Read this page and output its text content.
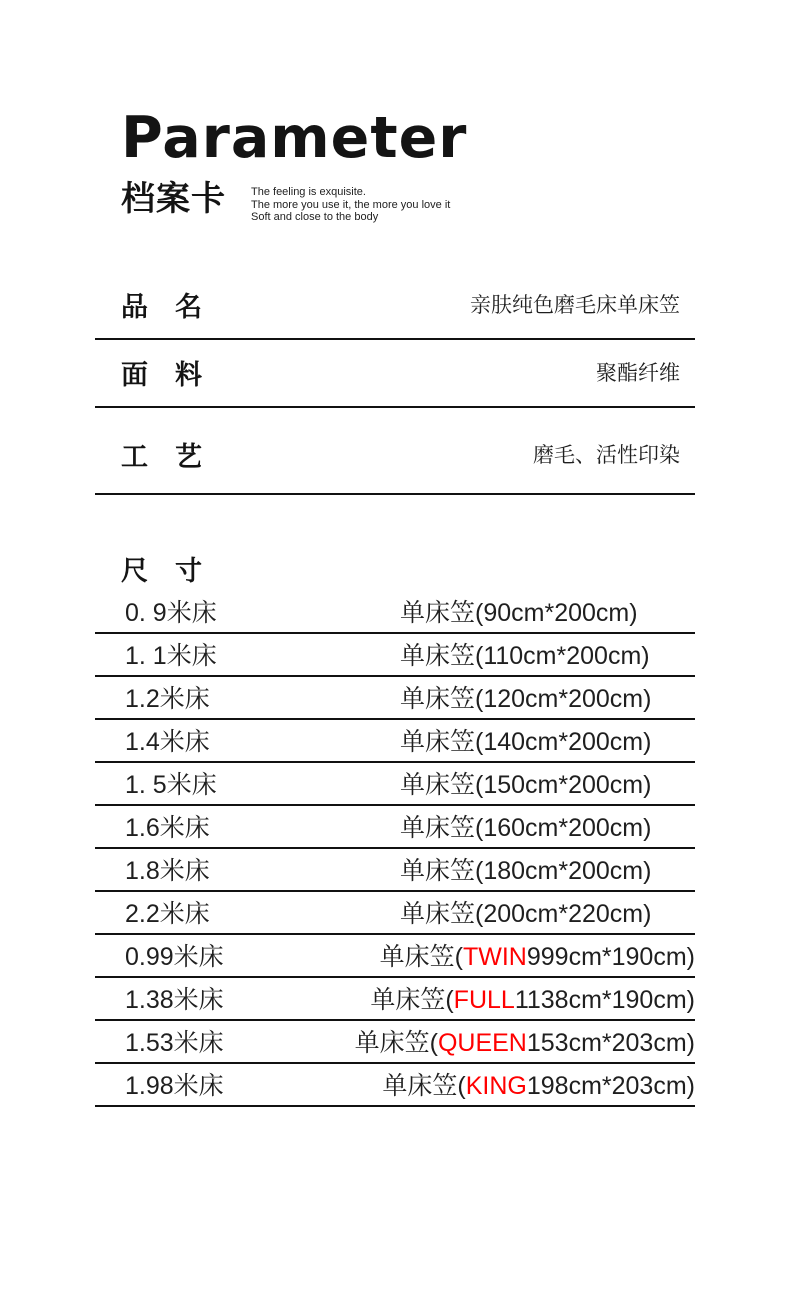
Parameter
档案卡 The feeling is exquisite.
The more you use it, the more you love it
Soft and close to the body
品　名	亲肤纯色磨毛床单床笠
面　料	聚酯纤维
工　艺	磨毛、活性印染
尺　寸
0. 9米床	单床笠(90cm*200cm)
1. 1米床	单床笠(110cm*200cm)
1.2米床	单床笠(120cm*200cm)
1.4米床	单床笠(140cm*200cm)
1. 5米床	单床笠(150cm*200cm)
1.6米床	单床笠(160cm*200cm)
1.8米床	单床笠(180cm*200cm)
2.2米床	单床笠(200cm*220cm)
0.99米床	单床笠(TWIN999cm*190cm)
1.38米床	单床笠(FULL1138cm*190cm)
1.53米床	单床笠(QUEEN153cm*203cm)
1.98米床	单床笠(KING198cm*203cm)
